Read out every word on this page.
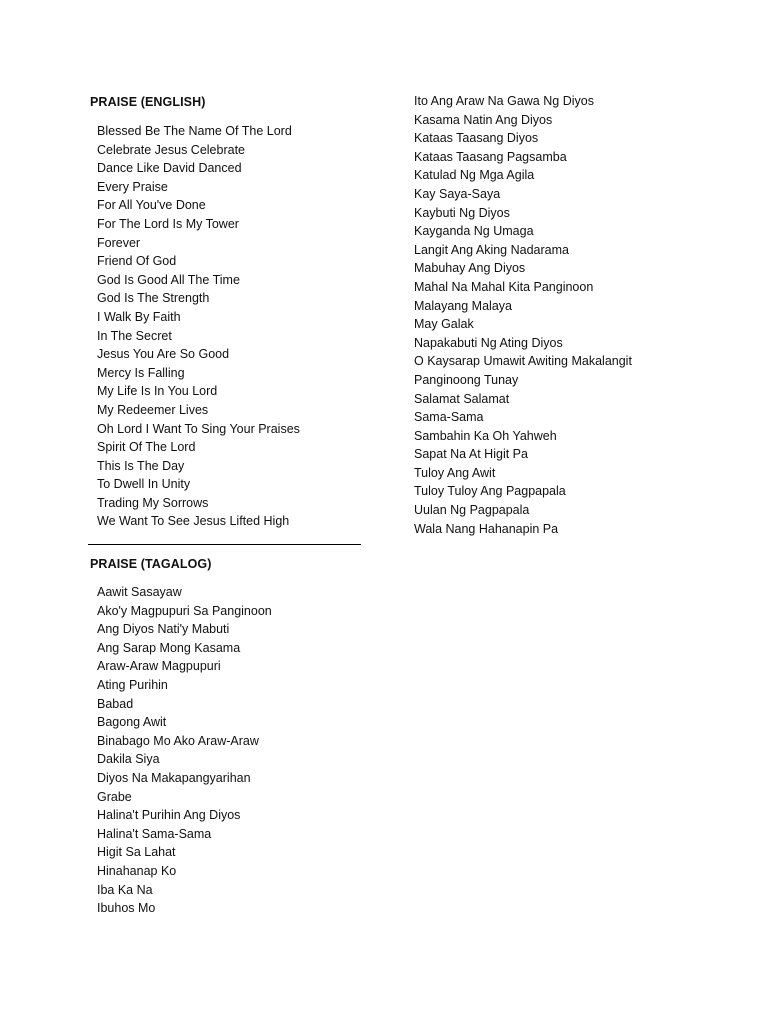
PRAISE (ENGLISH)
Blessed Be The Name Of The Lord
Celebrate Jesus Celebrate
Dance Like David Danced
Every Praise
For All You've Done
For The Lord Is My Tower
Forever
Friend Of God
God Is Good All The Time
God Is The Strength
I Walk By Faith
In The Secret
Jesus You Are So Good
Mercy Is Falling
My Life Is In You Lord
My Redeemer Lives
Oh Lord I Want To Sing Your Praises
Spirit Of The Lord
This Is The Day
To Dwell In Unity
Trading My Sorrows
We Want To See Jesus Lifted High
PRAISE (TAGALOG)
Aawit Sasayaw
Ako'y Magpupuri Sa Panginoon
Ang Diyos Nati'y Mabuti
Ang Sarap Mong Kasama
Araw-Araw Magpupuri
Ating Purihin
Babad
Bagong Awit
Binabago Mo Ako Araw-Araw
Dakila Siya
Diyos Na Makapangyarihan
Grabe
Halina't Purihin Ang Diyos
Halina't Sama-Sama
Higit Sa Lahat
Hinahanap Ko
Iba Ka Na
Ibuhos Mo
Ito Ang Araw Na Gawa Ng Diyos
Kasama Natin Ang Diyos
Kataas Taasang Diyos
Kataas Taasang Pagsamba
Katulad Ng Mga Agila
Kay Saya-Saya
Kaybuti Ng Diyos
Kayganda Ng Umaga
Langit Ang Aking Nadarama
Mabuhay Ang Diyos
Mahal Na Mahal Kita Panginoon
Malayang Malaya
May Galak
Napakabuti Ng Ating Diyos
O Kaysarap Umawit Awiting Makalangit
Panginoong Tunay
Salamat Salamat
Sama-Sama
Sambahin Ka Oh Yahweh
Sapat Na At Higit Pa
Tuloy Ang Awit
Tuloy Tuloy Ang Pagpapala
Uulan Ng Pagpapala
Wala Nang Hahanapin Pa
